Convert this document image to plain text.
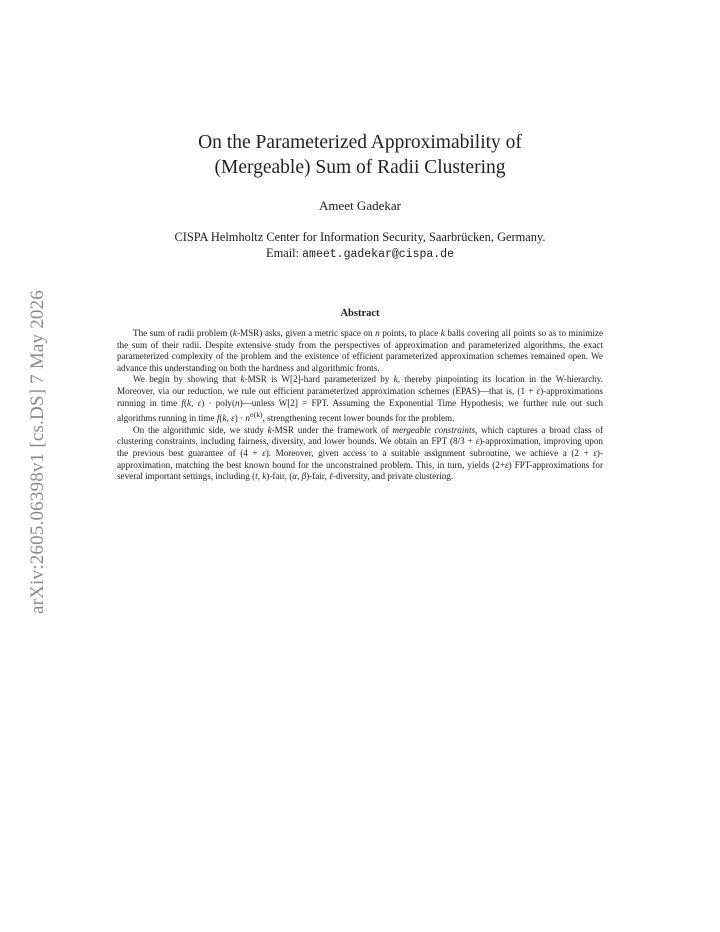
arXiv:2605.06398v1 [cs.DS] 7 May 2026
On the Parameterized Approximability of
(Mergeable) Sum of Radii Clustering
Ameet Gadekar
CISPA Helmholtz Center for Information Security, Saarbrücken, Germany.
Email: ameet.gadekar@cispa.de
Abstract

The sum of radii problem (k-MSR) asks, given a metric space on n points, to place k balls covering all points so as to minimize the sum of their radii. Despite extensive study from the perspectives of approximation and parameterized algorithms, the exact parameterized complexity of the problem and the existence of efficient parameterized approximation schemes remained open. We advance this understanding on both the hardness and algorithmic fronts.

We begin by showing that k-MSR is W[2]-hard parameterized by k, thereby pinpointing its location in the W-hierarchy. Moreover, via our reduction, we rule out efficient parameterized approximation schemes (EPAS)—that is, (1 + ε)-approximations running in time f(k, ε) · poly(n)—unless W[2] = FPT. Assuming the Exponential Time Hypothesis, we further rule out such algorithms running in time f(k, $\varepsilon) \cdot n^{o(k)}$, strengthening recent lower bounds for the problem.

On the algorithmic side, we study k-MSR under the framework of mergeable constraints, which captures a broad class of clustering constraints, including fairness, diversity, and lower bounds. We obtain an FPT (8/3 + ε)-approximation, improving upon the previous best guarantee of (4 + ε). Moreover, given access to a suitable assignment subroutine, we achieve a (2 + ε)-approximation, matching the best known bound for the unconstrained problem. This, in turn, yields (2+ε) FPT-approximations for several important settings, including (t, k)-fair, (α, β)-fair, ℓ-diversity, and private clustering.
